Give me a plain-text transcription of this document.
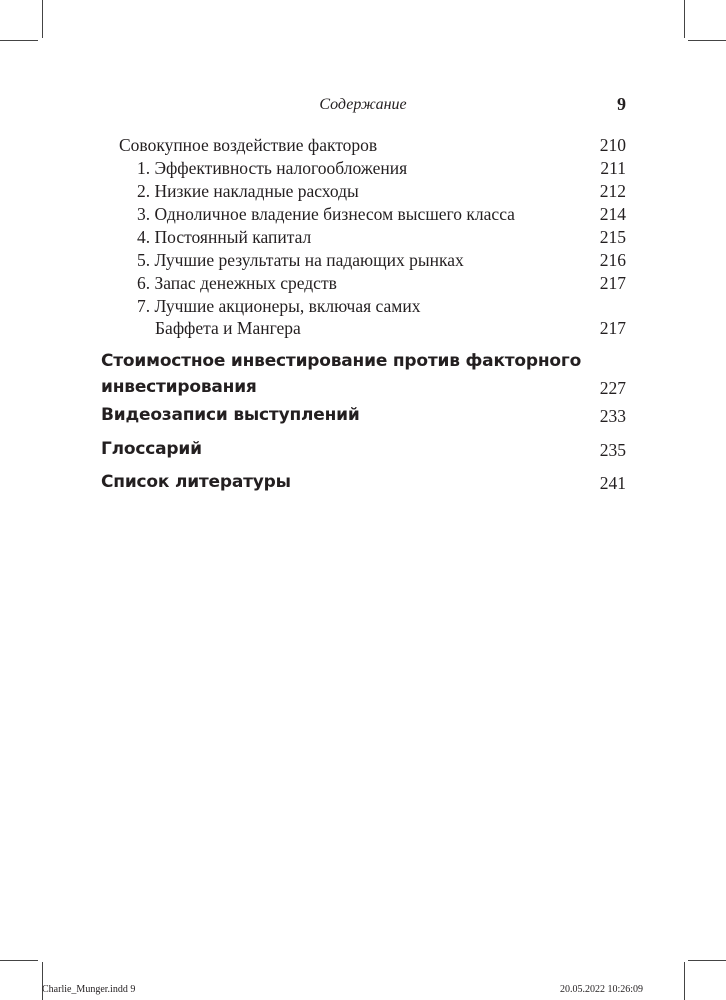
Содержание	9
Совокупное воздействие факторов	210
1. Эффективность налогообложения	211
2. Низкие накладные расходы	212
3. Одноличное владение бизнесом высшего класса	214
4. Постоянный капитал	215
5. Лучшие результаты на падающих рынках	216
6. Запас денежных средств	217
7. Лучшие акционеры, включая самих
Баффета и Мангера	217
Стоимостное инвестирование против факторного
инвестирования	227
Видеозаписи выступлений	233
Глоссарий	235
Список литературы	241
Charlie_Munger.indd 9	20.05.2022 10:26:09
